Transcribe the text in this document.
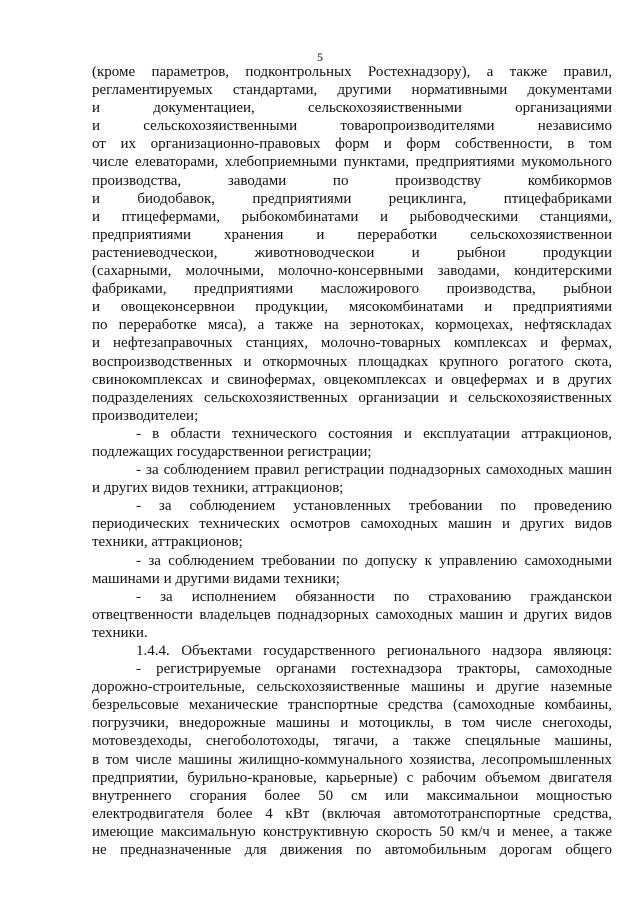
5
(кроме параметров, подконтрольных Ростехнадзору), а также правил,
регламентируемых стандартами, другими нормативными документами
и документациеи, сельскохозяиственными организациями
и сельскохозяиственными товаропроизводителями независимо
от их организационно-правовых форм и форм собственности, в том
числе елеваторами, хлебоприемными пунктами, предприятиями мукомольного
производства, заводами по производству комбикормов
и биодобавок, предприятиями рециклинга, птицефабриками
и птицефермами, рыбокомбинатами и рыбоводческими станциями,
предприятиями хранения и переработки сельскохозяиственнои
растениеводческои, животноводческои и рыбнои продукции
(сахарными, молочными, молочно-консервными заводами, кондитерскими
фабриками, предприятиями масложирового производства, рыбнои
и овощеконсервнои продукции, мясокомбинатами и предприятиями
по переработке мяса), а также на зернотоках, кормоцехах, нефтяскладах
и нефтезаправочных станциях, молочно-товарных комплексах и фермах,
воспроизводственных и откормочных площадках крупного рогатого скота,
свинокомплексах и свинофермах, овцекомплексах и овцефермах и в других
подразделениях сельскохозяиственных организации и сельскохозяиственных
производителеи;
- в области технического состояния и експлуатации аттракционов,
подлежащих государственнои регистрации;
- за соблюдением правил регистрации поднадзорных самоходных машин
и других видов техники, аттракционов;
- за соблюдением установленных требовании по проведению
периодических технических осмотров самоходных машин и других видов
техники, аттракционов;
- за соблюдением требовании по допуску к управлению самоходными
машинами и другими видами техники;
- за исполнением обязанности по страхованию гражданскои
отвецтвенности владельцев поднадзорных самоходных машин и других видов
техники.
1.4.4. Объектами государственного регионального надзора являюця:
- регистрируемые органами гостехнадзора тракторы, самоходные
дорожно-строительные, сельскохозяиственные машины и другие наземные
безрельсовые механические транспортные средства (самоходные комбаины,
погрузчики, внедорожные машины и мотоциклы, в том числе снегоходы,
мотовездеходы, снегоболотоходы, тягачи, а также спецяльные машины,
в том числе машины жилищно-коммунального хозяиства, лесопромышленных
предприятии, бурильно-крановые, карьерные) с рабочим объемом двигателя
внутреннего сгорания более 50 см или максимальнои мощностью
електродвигателя более 4 кВт (включая автомототранспортные средства,
имеющие максимальную конструктивную скорость 50 км/ч и менее, а также
не предназначенные для движения по автомобильным дорогам общего
